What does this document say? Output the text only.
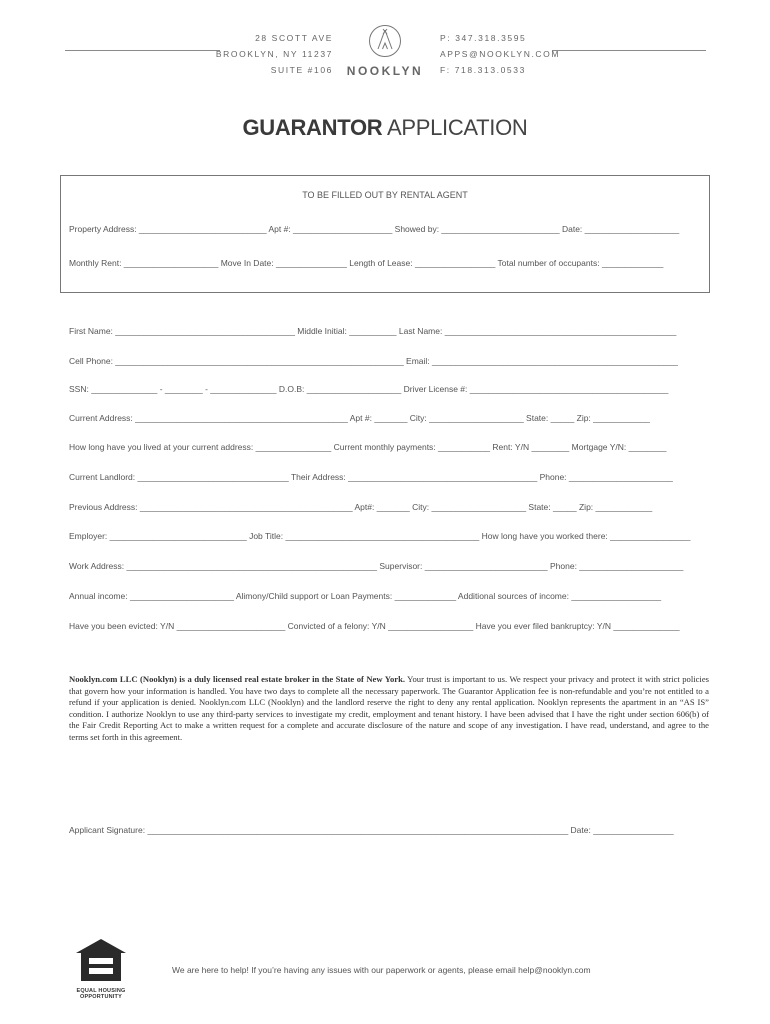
28 SCOTT AVE
BROOKLYN, NY 11237
SUITE #106	NOOKLYN
P: 347.318.3595
APPS@NOOKLYN.COM
F: 718.313.0533
GUARANTOR APPLICATION
TO BE FILLED OUT BY RENTAL AGENT
Property Address: ___________________________ Apt #: _____________________ Showed by: _________________________ Date: ____________________
Monthly Rent: ____________________ Move In Date: _______________ Length of Lease: _________________ Total number of occupants: _____________
First Name: ______________________________________ Middle Initial: __________ Last Name: _________________________________________________
Cell Phone: _____________________________________________________________ Email: ____________________________________________________
SSN: ______________ - ________ - ______________ D.O.B: ____________________ Driver License #: __________________________________________
Current Address: _____________________________________________ Apt #: _______ City: ____________________ State: _____ Zip: ____________
How long have you lived at your current address: ________________ Current monthly payments: ___________ Rent: Y/N ________ Mortgage Y/N: ________
Current Landlord: ________________________________ Their Address: ________________________________________ Phone: ______________________
Previous Address: _____________________________________________ Apt#: _______ City: ____________________ State: _____ Zip: ____________
Employer: _____________________________ Job Title: _________________________________________ How long have you worked there: _________________
Work Address: _____________________________________________________ Supervisor: __________________________ Phone: ______________________
Annual income: ______________________ Alimony/Child support or Loan Payments: _____________ Additional sources of income: ___________________
Have you been evicted: Y/N _______________________ Convicted of a felony: Y/N __________________ Have you ever filed bankruptcy: Y/N ______________
Nooklyn.com LLC (Nooklyn) is a duly licensed real estate broker in the State of New York. Your trust is important to us. We respect your privacy and protect it with strict policies that govern how your information is handled. You have two days to complete all the necessary paperwork. The Guarantor Application fee is non-refundable and you’re not entitled to a refund if your application is denied. Nooklyn.com LLC (Nooklyn) and the landlord reserve the right to deny any rental application. Nooklyn represents the apartment in an “AS IS” condition. I authorize Nooklyn to use any third-party services to investigate my credit, employment and tenant history. I have been advised that I have the right under section 606(b) of the Fair Credit Reporting Act to make a written request for a complete and accurate disclosure of the nature and scope of any investigation. I have read, understand, and agree to the terms set forth in this agreement.
Applicant Signature: _________________________________________________________________________________________ Date: _________________
EQUAL HOUSING
OPPORTUNITY
We are here to help! If you’re having any issues with our paperwork or agents, please email help@nooklyn.com
